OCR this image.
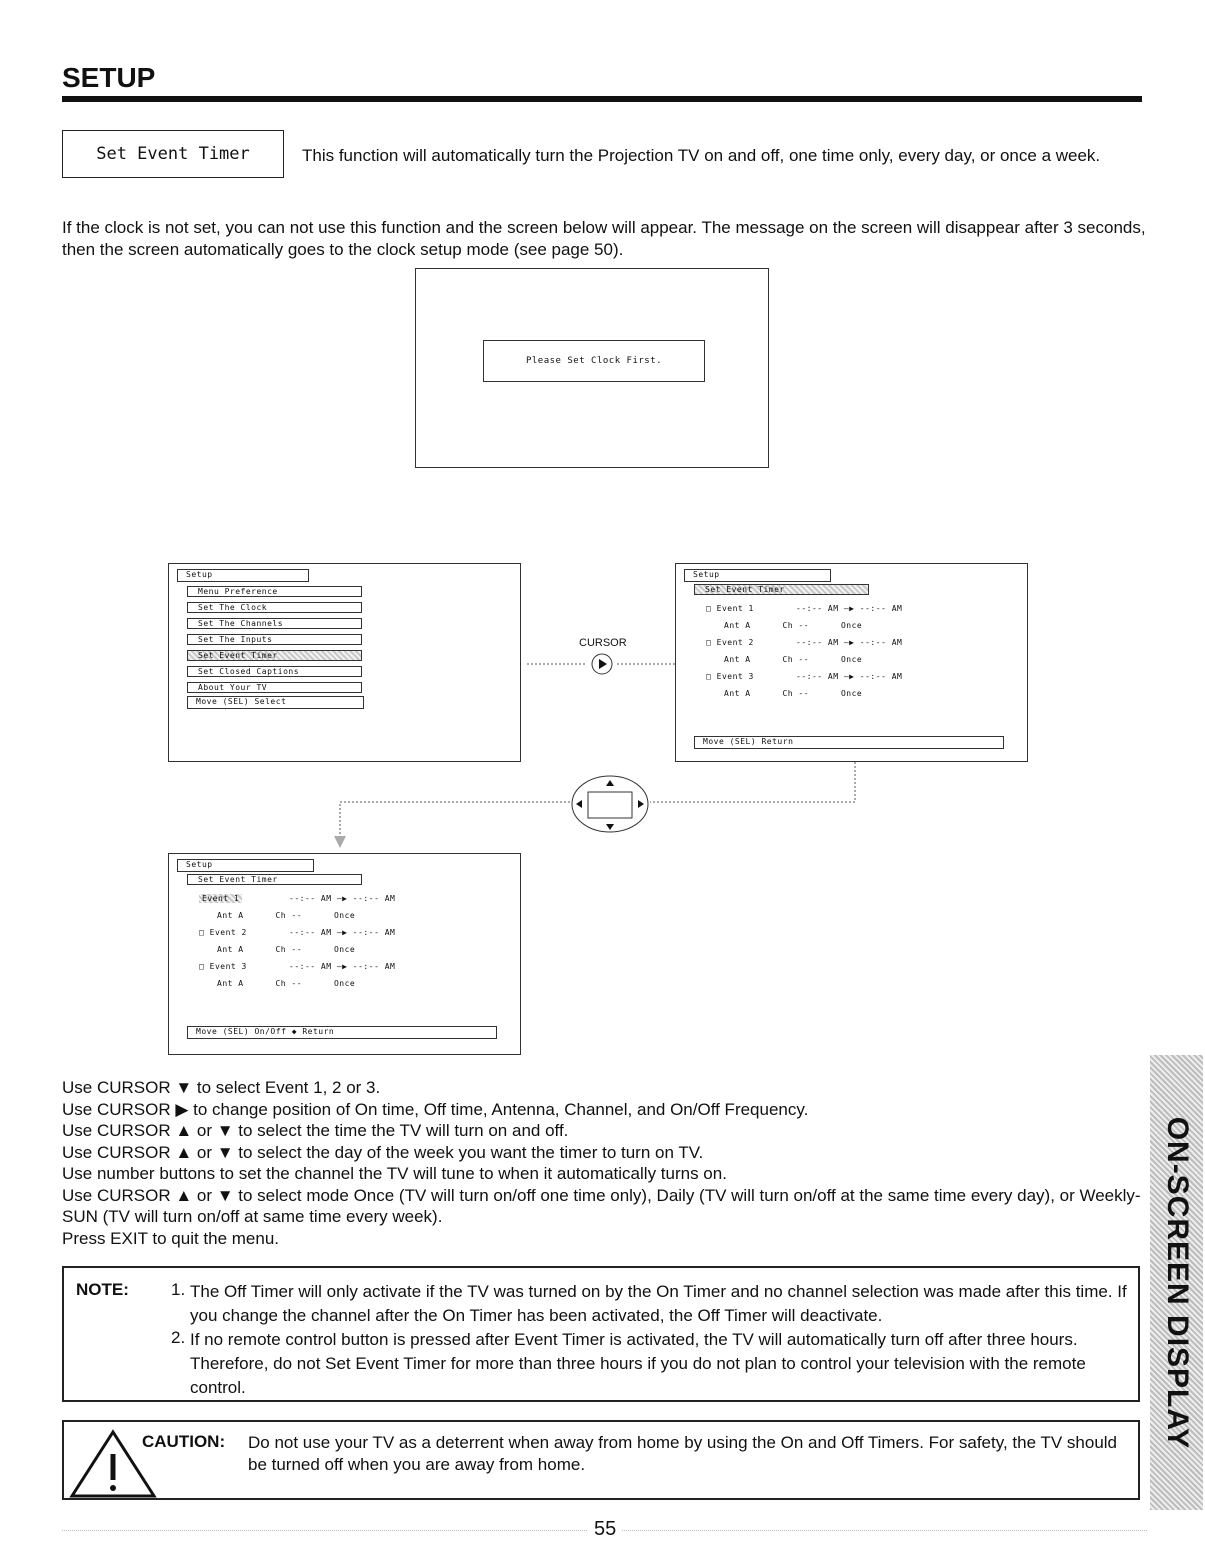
SETUP
Set Event Timer	This function will automatically turn the Projection TV on and off, one time only, every day, or once a week.
If the clock is not set, you can not use this function and the screen below will appear. The message on the screen will disappear after 3 seconds, then the screen automatically goes to the clock setup mode (see page 50).
Please Set Clock First.
Setup
Menu Preference
Set The Clock
Set The Channels
Set The Inputs
Set Event Timer
Set Closed Captions
About Your TV
Move (SEL) Select
CURSOR
Setup
Set Event Timer
□ Event 1	--:-- AM —▶ --:-- AM
Ant A      Ch --      Once
□ Event 2	--:-- AM —▶ --:-- AM
Ant A      Ch --      Once
□ Event 3	--:-- AM —▶ --:-- AM
Ant A      Ch --      Once
Move (SEL) Return
Setup
Set Event Timer
Event 1	--:-- AM —▶ --:-- AM
Ant A      Ch --      Once
□ Event 2	--:-- AM —▶ --:-- AM
Ant A      Ch --      Once
□ Event 3	--:-- AM —▶ --:-- AM
Ant A      Ch --      Once
Move (SEL) On/Off ◆ Return
Use CURSOR ▼ to select Event 1, 2 or 3.
Use CURSOR ▶ to change position of On time, Off time, Antenna, Channel, and On/Off Frequency.
Use CURSOR ▲ or ▼ to select the time the TV will turn on and off.
Use CURSOR ▲ or ▼ to select the day of the week you want the timer to turn on TV.
Use number buttons to set the channel the TV will tune to when it automatically turns on.
Use CURSOR ▲ or ▼ to select mode Once (TV will turn on/off one time only), Daily (TV will turn on/off at the same time every day), or Weekly-SUN (TV will turn on/off at same time every week).
Press EXIT to quit the menu.
NOTE: 1. The Off Timer will only activate if the TV was turned on by the On Timer and no channel selection was made after this time. If you change the channel after the On Timer has been activated, the Off Timer will deactivate.
2. If no remote control button is pressed after Event Timer is activated, the TV will automatically turn off after three hours. Therefore, do not Set Event Timer for more than three hours if you do not plan to control your television with the remote control.
CAUTION: Do not use your TV as a deterrent when away from home by using the On and Off Timers. For safety, the TV should be turned off when you are away from home.
ON-SCREEN DISPLAY
55
